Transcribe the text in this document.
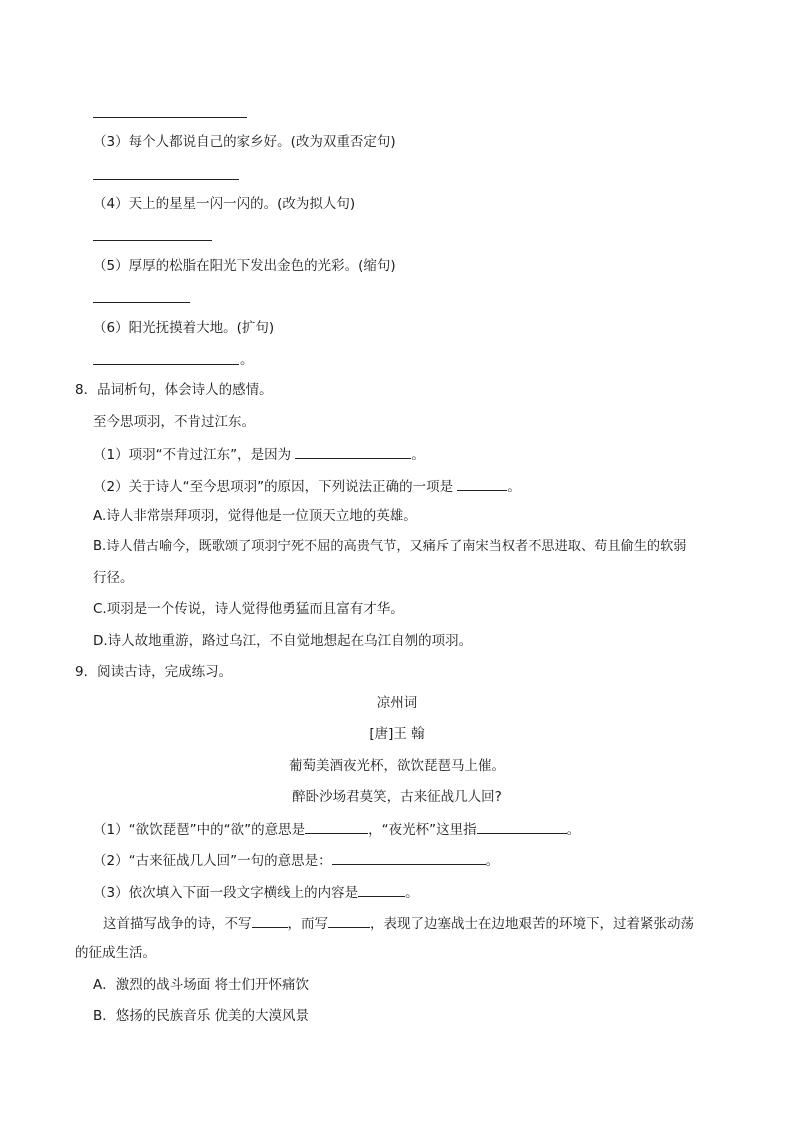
（3）每个人都说自己的家乡好。(改为双重否定句)
（4）天上的星星一闪一闪的。(改为拟人句)
（5）厚厚的松脂在阳光下发出金色的光彩。(缩句)
（6）阳光抚摸着大地。(扩句)
。
8．品词析句，体会诗人的感情。
至今思项羽，不肯过江东。
（1）项羽“不肯过江东”，是因为	。
（2）关于诗人“至今思项羽”的原因，下列说法正确的一项是	。
A.诗人非常崇拜项羽，觉得他是一位顶天立地的英雄。
B.诗人借古喻今，既歌颂了项羽宁死不屈的高贵气节，又痛斥了南宋当权者不思进取、苟且偷生的软弱
行径。
C.项羽是一个传说，诗人觉得他勇猛而且富有才华。
D.诗人故地重游，路过乌江，不自觉地想起在乌江自刎的项羽。
9．阅读古诗，完成练习。
凉州词
[唐]王 翰
葡萄美酒夜光杯，欲饮琵琶马上催。
醉卧沙场君莫笑，古来征战几人回?
（1）“欲饮琵琶”中的“欲”的意思是	，“夜光杯”这里指	。
（2）“古来征战几人回”一句的意思是：	。
（3）依次填入下面一段文字横线上的内容是	。
这首描写战争的诗，不写	，而写	，表现了边塞战士在边地艰苦的环境下，过着紧张动荡
的征成生活。
A．激烈的战斗场面 将士们开怀痛饮
B．悠扬的民族音乐 优美的大漠风景
